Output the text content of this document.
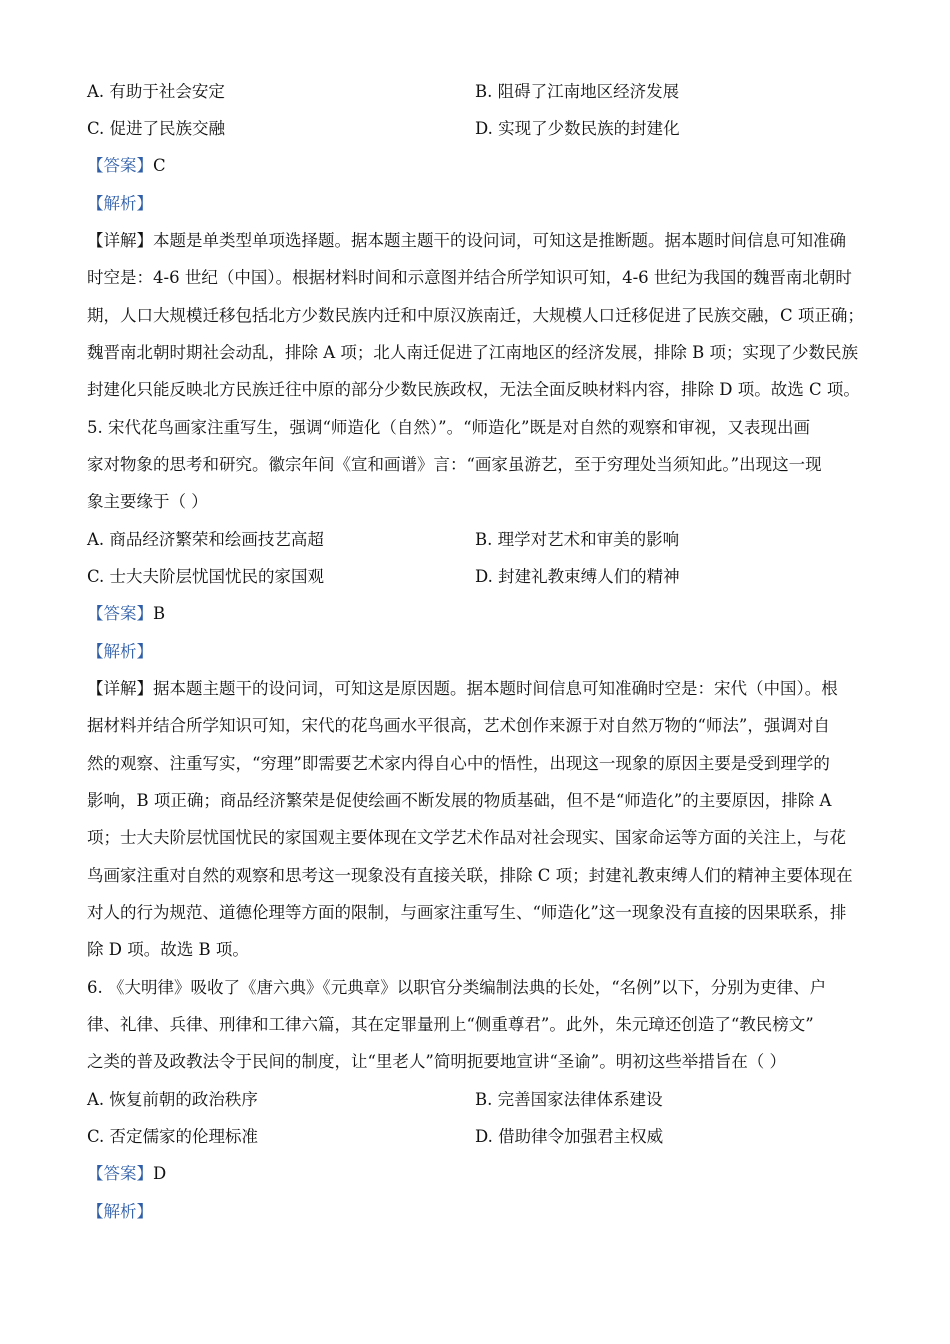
A. 有助于社会安定	B. 阻碍了江南地区经济发展
C. 促进了民族交融	D. 实现了少数民族的封建化
【答案】C
【解析】
【详解】本题是单类型单项选择题。据本题主题干的设问词，可知这是推断题。据本题时间信息可知准确
时空是：4-6 世纪（中国）。根据材料时间和示意图并结合所学知识可知，4-6 世纪为我国的魏晋南北朝时
期，人口大规模迁移包括北方少数民族内迁和中原汉族南迁，大规模人口迁移促进了民族交融，C 项正确；
魏晋南北朝时期社会动乱，排除 A 项；北人南迁促进了江南地区的经济发展，排除 B 项；实现了少数民族
封建化只能反映北方民族迁往中原的部分少数民族政权，无法全面反映材料内容，排除 D 项。故选 C 项。
5. 宋代花鸟画家注重写生，强调“师造化（自然）”。“师造化”既是对自然的观察和审视，又表现出画
家对物象的思考和研究。徽宗年间《宣和画谱》言：“画家虽游艺，至于穷理处当须知此。”出现这一现
象主要缘于（ ）
A. 商品经济繁荣和绘画技艺高超	B. 理学对艺术和审美的影响
C. 士大夫阶层忧国忧民的家国观	D. 封建礼教束缚人们的精神
【答案】B
【解析】
【详解】据本题主题干的设问词，可知这是原因题。据本题时间信息可知准确时空是：宋代（中国）。根
据材料并结合所学知识可知，宋代的花鸟画水平很高，艺术创作来源于对自然万物的“师法”，强调对自
然的观察、注重写实，“穷理”即需要艺术家内得自心中的悟性，出现这一现象的原因主要是受到理学的
影响，B 项正确；商品经济繁荣是促使绘画不断发展的物质基础，但不是“师造化”的主要原因，排除 A
项；士大夫阶层忧国忧民的家国观主要体现在文学艺术作品对社会现实、国家命运等方面的关注上，与花
鸟画家注重对自然的观察和思考这一现象没有直接关联，排除 C 项；封建礼教束缚人们的精神主要体现在
对人的行为规范、道德伦理等方面的限制，与画家注重写生、“师造化”这一现象没有直接的因果联系，排
除 D 项。故选 B 项。
6. 《大明律》吸收了《唐六典》《元典章》以职官分类编制法典的长处，“名例”以下，分别为吏律、户
律、礼律、兵律、刑律和工律六篇，其在定罪量刑上“侧重尊君”。此外，朱元璋还创造了“教民榜文”
之类的普及政教法令于民间的制度，让“里老人”简明扼要地宣讲“圣谕”。明初这些举措旨在（ ）
A. 恢复前朝的政治秩序	B. 完善国家法律体系建设
C. 否定儒家的伦理标准	D. 借助律令加强君主权威
【答案】D
【解析】
